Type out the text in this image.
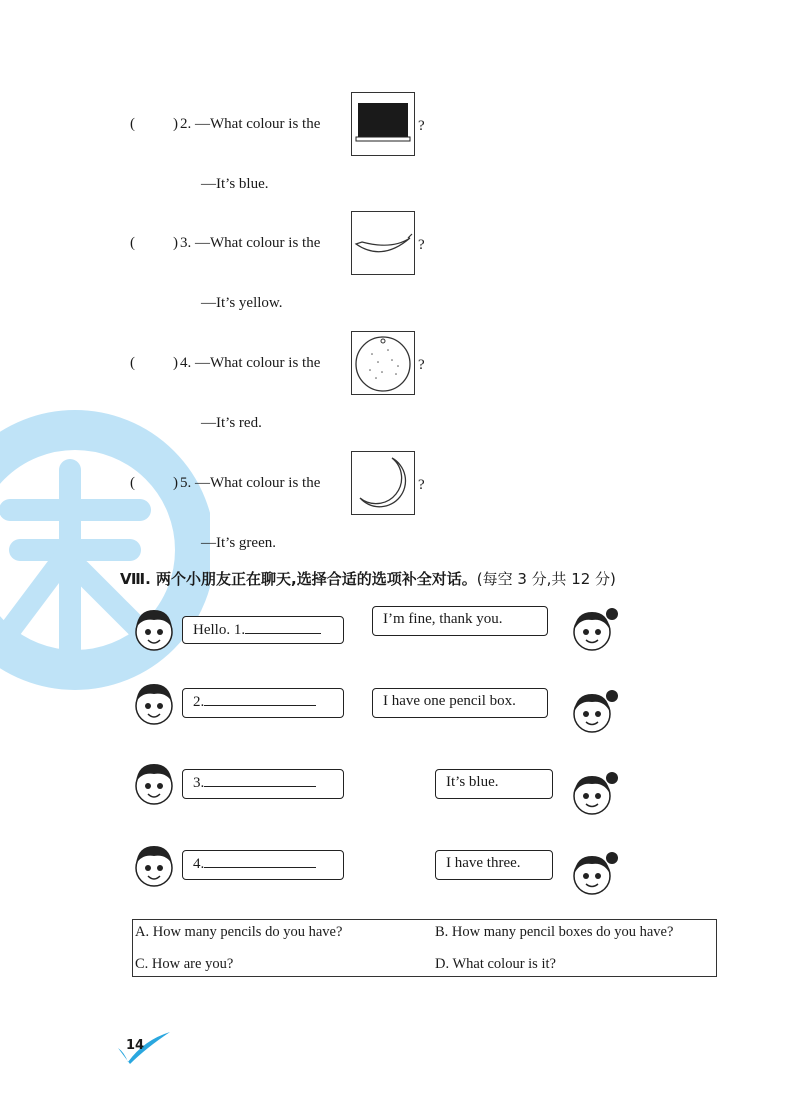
(	) 2. —What colour is the	?
—It’s blue.
(	) 3. —What colour is the	?
—It’s yellow.
(	) 4. —What colour is the	?
—It’s red.
(	) 5. —What colour is the	?
—It’s green.
Ⅷ. 两个小朋友正在聊天,选择合适的选项补全对话。(每空 3 分,共 12 分)
Hello. 1.
I’m fine, thank you.
2.	I have one pencil box.
3.	It’s blue.
4.	I have three.
A. How many pencils do you have?	B. How many pencil boxes do you have?
C. How are you?	D. What colour is it?
14
